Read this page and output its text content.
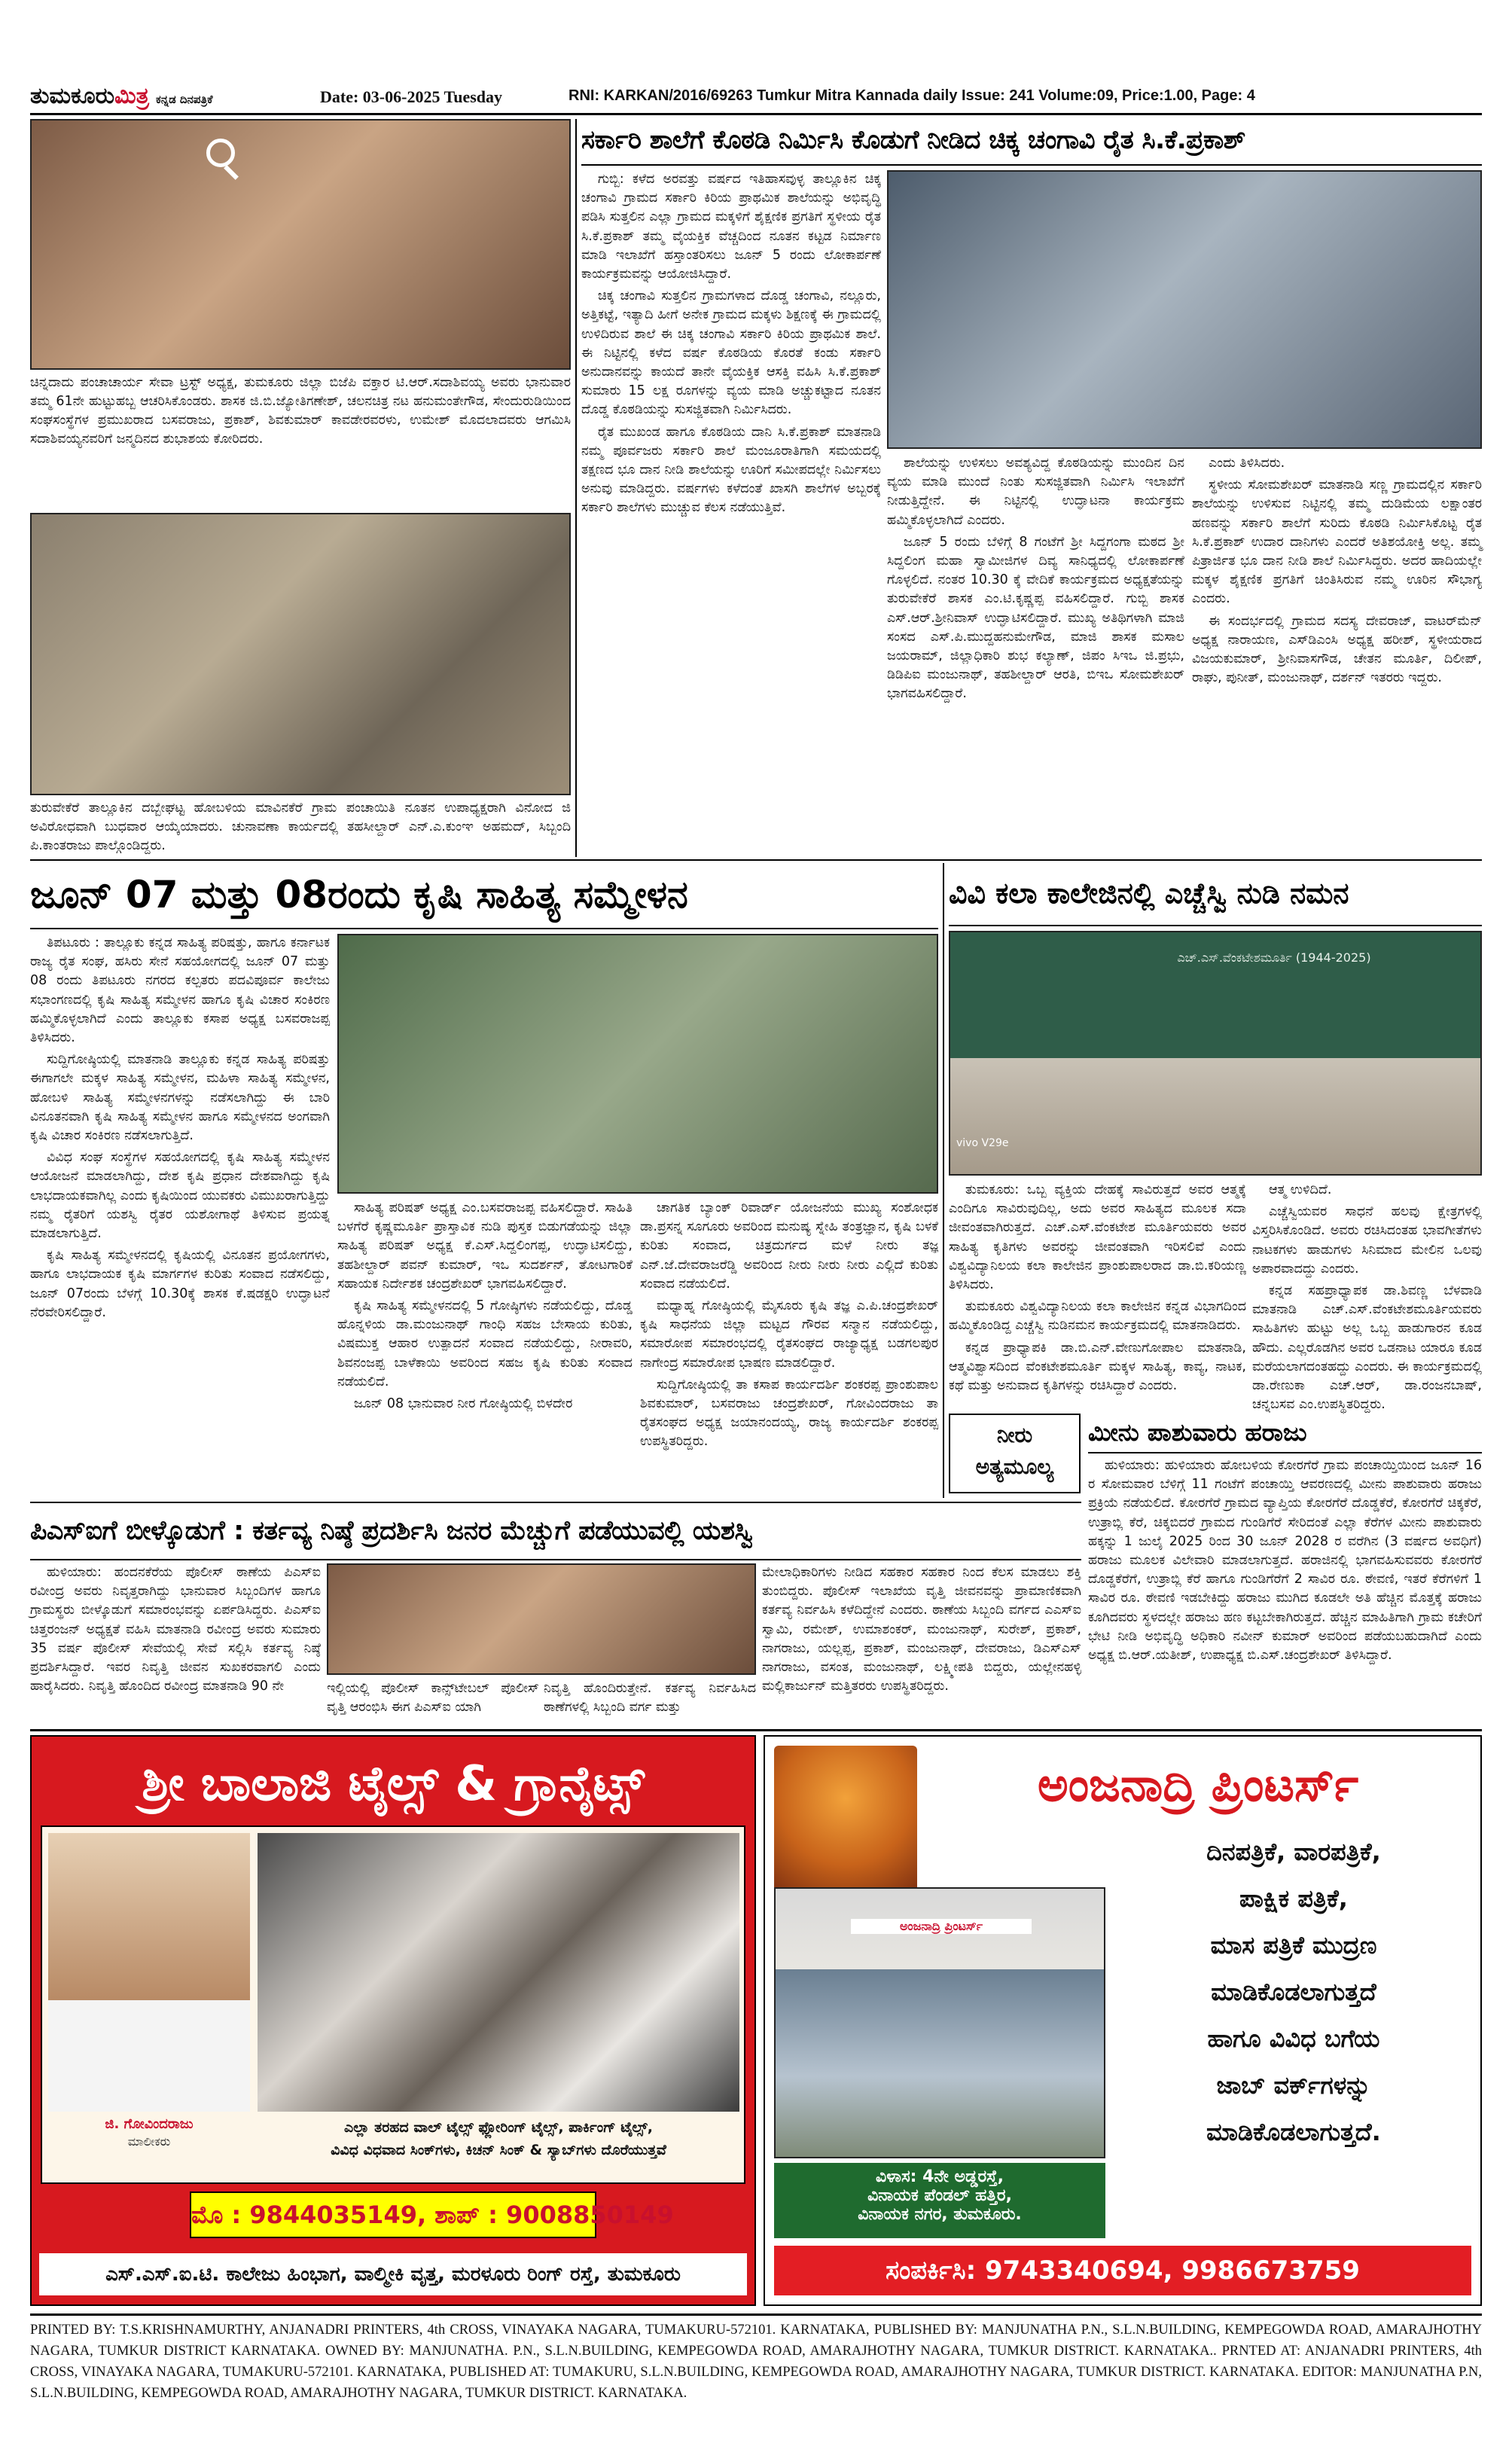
ತುಮಕೂರುಮಿತ್ರ ಕನ್ನಡ ದಿನಪತ್ರಿಕೆ	Date: 03-06-2025 Tuesday	RNI: KARKAN/2016/69263 Tumkur Mitra Kannada daily Issue: 241 Volume:09, Price:1.00, Page: 4
ಚಿನ್ನದಾದು ಪಂಚಾಚಾರ್ಯ ಸೇವಾ ಟ್ರಸ್ಟ್ ಅಧ್ಯಕ್ಷ, ತುಮಕೂರು ಜಿಲ್ಲಾ ಬಿಜೆಪಿ ವಕ್ತಾರ ಟಿ.ಆರ್.ಸದಾಶಿವಯ್ಯ ಅವರು ಭಾನುವಾರ ತಮ್ಮ 61ನೇ ಹುಟ್ಟುಹಬ್ಬ ಆಚರಿಸಿಕೊಂಡರು. ಶಾಸಕ ಜಿ.ಬಿ.ಜ್ಯೋತಿಗಣೇಶ್, ಚಲನಚಿತ್ರ ನಟ ಹನುಮಂತೇಗೌಡ, ಸೇಂದುರುಡಿಯಿಂದ ಸಂಘಸಂಸ್ಥೆಗಳ ಪ್ರಮುಖರಾದ ಬಸವರಾಜು, ಪ್ರಕಾಶ್, ಶಿವಕುಮಾರ್ ಕಾವಡೇರವರಳು, ಉಮೇಶ್ ಮೊದಲಾದವರು ಆಗಮಿಸಿ ಸದಾಶಿವಯ್ಯನವರಿಗೆ ಜನ್ಮದಿನದ ಶುಭಾಶಯ ಕೋರಿದರು.
ತುರುವೇಕೆರೆ ತಾಲ್ಲೂಕಿನ ದಬ್ಬೇಘಟ್ಟ ಹೋಬಳಿಯ ಮಾವಿನಕೆರೆ ಗ್ರಾಮ ಪಂಚಾಯಿತಿ ನೂತನ ಉಪಾಧ್ಯಕ್ಷರಾಗಿ ವಿನೋದ ಜಿ ಅವಿರೋಧವಾಗಿ ಬುಧವಾರ ಆಯ್ಕೆಯಾದರು. ಚುನಾವಣಾ ಕಾರ್ಯದಲ್ಲಿ ತಹಸೀಲ್ದಾರ್ ಎನ್.ಎ.ಕುಂಞ ಅಹಮದ್, ಸಿಬ್ಬಂದಿ ಪಿ.ಕಾಂತರಾಜು ಪಾಲ್ಗೊಂಡಿದ್ದರು.
ಸರ್ಕಾರಿ ಶಾಲೆಗೆ ಕೊಠಡಿ ನಿರ್ಮಿಸಿ ಕೊಡುಗೆ ನೀಡಿದ ಚಿಕ್ಕ ಚಂಗಾವಿ ರೈತ ಸಿ.ಕೆ.ಪ್ರಕಾಶ್

ಗುಬ್ಬಿ: ಕಳೆದ ಅರವತ್ತು ವರ್ಷದ ಇತಿಹಾಸವುಳ್ಳ ತಾಲ್ಲೂಕಿನ ಚಿಕ್ಕ ಚಂಗಾವಿ ಗ್ರಾಮದ ಸರ್ಕಾರಿ ಕಿರಿಯ ಪ್ರಾಥಮಿಕ ಶಾಲೆಯನ್ನು ಅಭಿವೃದ್ಧಿ ಪಡಿಸಿ ಸುತ್ತಲಿನ ಎಲ್ಲಾ ಗ್ರಾಮದ ಮಕ್ಕಳಿಗೆ ಶೈಕ್ಷಣಿಕ ಪ್ರಗತಿಗೆ ಸ್ಥಳೀಯ ರೈತ ಸಿ.ಕೆ.ಪ್ರಕಾಶ್ ತಮ್ಮ ವೈಯಕ್ತಿಕ ವೆಚ್ಚದಿಂದ ನೂತನ ಕಟ್ಟಡ ನಿರ್ಮಾಣ ಮಾಡಿ ಇಲಾಖೆಗೆ ಹಸ್ತಾಂತರಿಸಲು ಜೂನ್ 5 ರಂದು ಲೋಕಾರ್ಪಣೆ ಕಾರ್ಯಕ್ರಮವನ್ನು ಆಯೋಜಿಸಿದ್ದಾರೆ.

ಚಿಕ್ಕ ಚಂಗಾವಿ ಸುತ್ತಲಿನ ಗ್ರಾಮಗಳಾದ ದೊಡ್ಡ ಚಂಗಾವಿ, ನಲ್ಲೂರು, ಅತ್ತಿಕಟ್ಟೆ, ಇತ್ಯಾದಿ ಹೀಗೆ ಅನೇಕ ಗ್ರಾಮದ ಮಕ್ಕಳು ಶಿಕ್ಷಣಕ್ಕೆ ಈ ಗ್ರಾಮದಲ್ಲಿ ಉಳಿದಿರುವ ಶಾಲೆ ಈ ಚಿಕ್ಕ ಚಂಗಾವಿ ಸರ್ಕಾರಿ ಕಿರಿಯ ಪ್ರಾಥಮಿಕ ಶಾಲೆ. ಈ ನಿಟ್ಟಿನಲ್ಲಿ ಕಳೆದ ವರ್ಷ ಕೊಠಡಿಯ ಕೊರತೆ ಕಂಡು ಸರ್ಕಾರಿ ಅನುದಾನವನ್ನು ಕಾಯದೆ ತಾನೇ ವೈಯಕ್ತಿಕ ಆಸಕ್ತಿ ವಹಿಸಿ ಸಿ.ಕೆ.ಪ್ರಕಾಶ್ ಸುಮಾರು 15 ಲಕ್ಷ ರೂಗಳನ್ನು ವ್ಯಯ ಮಾಡಿ ಅಚ್ಚುಕಟ್ಟಾದ ನೂತನ ದೊಡ್ಡ ಕೊಠಡಿಯನ್ನು ಸುಸಜ್ಜಿತವಾಗಿ ನಿರ್ಮಿಸಿದರು.

ರೈತ ಮುಖಂಡ ಹಾಗೂ ಕೊಠಡಿಯ ದಾನಿ ಸಿ.ಕೆ.ಪ್ರಕಾಶ್ ಮಾತನಾಡಿ ನಮ್ಮ ಪೂರ್ವಜರು ಸರ್ಕಾರಿ ಶಾಲೆ ಮಂಜೂರಾತಿಗಾಗಿ ಸಮಯದಲ್ಲಿ ತಕ್ಷಣದ ಭೂ ದಾನ ನೀಡಿ ಶಾಲೆಯನ್ನು ಊರಿಗೆ ಸಮೀಪದಲ್ಲೇ ನಿರ್ಮಿಸಲು ಅನುವು ಮಾಡಿದ್ದರು. ವರ್ಷಗಳು ಕಳೆದಂತೆ ಖಾಸಗಿ ಶಾಲೆಗಳ ಅಬ್ಬರಕ್ಕೆ ಸರ್ಕಾರಿ ಶಾಲೆಗಳು ಮುಚ್ಚುವ ಕೆಲಸ ನಡೆಯುತ್ತಿವೆ.

ಶಾಲೆಯನ್ನು ಉಳಿಸಲು ಅವಶ್ಯವಿದ್ದ ಕೊಠಡಿಯನ್ನು ಮುಂದಿನ ದಿನ ವ್ಯಯ ಮಾಡಿ ಮುಂದೆ ನಿಂತು ಸುಸಜ್ಜಿತವಾಗಿ ನಿರ್ಮಿಸಿ ಇಲಾಖೆಗೆ ನೀಡುತ್ತಿದ್ದೇನೆ. ಈ ನಿಟ್ಟಿನಲ್ಲಿ ಉದ್ಘಾಟನಾ ಕಾರ್ಯಕ್ರಮ ಹಮ್ಮಿಕೊಳ್ಳಲಾಗಿದೆ ಎಂದರು.

ಜೂನ್ 5 ರಂದು ಬೆಳಿಗ್ಗೆ 8 ಗಂಟೆಗೆ ಶ್ರೀ ಸಿದ್ದಗಂಗಾ ಮಠದ ಶ್ರೀ ಸಿದ್ದಲಿಂಗ ಮಹಾ ಸ್ವಾಮೀಜಿಗಳ ದಿವ್ಯ ಸಾನಿಧ್ಯದಲ್ಲಿ ಲೋಕಾರ್ಪಣೆ ಗೊಳ್ಳಲಿದೆ. ನಂತರ 10.30 ಕ್ಕೆ ವೇದಿಕೆ ಕಾರ್ಯಕ್ರಮದ ಅಧ್ಯಕ್ಷತೆಯನ್ನು ತುರುವೇಕೆರೆ ಶಾಸಕ ಎಂ.ಟಿ.ಕೃಷ್ಣಪ್ಪ ವಹಿಸಲಿದ್ದಾರೆ. ಗುಬ್ಬಿ ಶಾಸಕ ಎಸ್.ಆರ್.ಶ್ರೀನಿವಾಸ್ ಉದ್ಘಾಟಿಸಲಿದ್ದಾರೆ. ಮುಖ್ಯ ಅತಿಥಿಗಳಾಗಿ ಮಾಜಿ ಸಂಸದ ಎಸ್.ಪಿ.ಮುದ್ದಹನುಮೇಗೌಡ, ಮಾಜಿ ಶಾಸಕ ಮಸಾಲ ಜಯರಾಮ್, ಜಿಲ್ಲಾಧಿಕಾರಿ ಶುಭ ಕಲ್ಯಾಣ್, ಜಿಪಂ ಸಿಇಒ ಜಿ.ಪ್ರಭು, ಡಿಡಿಪಿಐ ಮಂಜುನಾಥ್, ತಹಶೀಲ್ದಾರ್ ಆರತಿ, ಬಿಇಒ ಸೋಮಶೇಖರ್ ಭಾಗವಹಿಸಲಿದ್ದಾರೆ.

ಎಂದು ತಿಳಿಸಿದರು.

ಸ್ಥಳೀಯ ಸೋಮಶೇಖರ್ ಮಾತನಾಡಿ ಸಣ್ಣ ಗ್ರಾಮದಲ್ಲಿನ ಸರ್ಕಾರಿ ಶಾಲೆಯನ್ನು ಉಳಿಸುವ ನಿಟ್ಟಿನಲ್ಲಿ ತಮ್ಮ ದುಡಿಮೆಯ ಲಕ್ಷಾಂತರ ಹಣವನ್ನು ಸರ್ಕಾರಿ ಶಾಲೆಗೆ ಸುರಿದು ಕೊಠಡಿ ನಿರ್ಮಿಸಿಕೊಟ್ಟ ರೈತ ಸಿ.ಕೆ.ಪ್ರಕಾಶ್ ಉದಾರ ದಾನಿಗಳು ಎಂದರೆ ಅತಿಶಯೋಕ್ತಿ ಅಲ್ಲ. ತಮ್ಮ ಪಿತ್ರಾರ್ಜಿತ ಭೂ ದಾನ ನೀಡಿ ಶಾಲೆ ನಿರ್ಮಿಸಿದ್ದರು. ಅದರ ಹಾದಿಯಲ್ಲೇ ಮಕ್ಕಳ ಶೈಕ್ಷಣಿಕ ಪ್ರಗತಿಗೆ ಚಿಂತಿಸಿರುವ ನಮ್ಮ ಊರಿನ ಸೌಭಾಗ್ಯ ಎಂದರು.

ಈ ಸಂದರ್ಭದಲ್ಲಿ ಗ್ರಾಮದ ಸದಸ್ಯ ದೇವರಾಜ್, ವಾಟರ್‌ಮೆನ್ ಅಧ್ಯಕ್ಷ ನಾರಾಯಣ, ಎಸ್‌ಡಿಎಂಸಿ ಅಧ್ಯಕ್ಷ ಹರೀಶ್, ಸ್ಥಳೀಯರಾದ ವಿಜಯಕುಮಾರ್, ಶ್ರೀನಿವಾಸಗೌಡ, ಚೇತನ ಮೂರ್ತಿ, ದಿಲೀಪ್, ರಾಘು, ಪುನೀತ್, ಮಂಜುನಾಥ್, ದರ್ಶನ್ ಇತರರು ಇದ್ದರು.

ಜೂನ್ 07 ಮತ್ತು 08ರಂದು ಕೃಷಿ ಸಾಹಿತ್ಯ ಸಮ್ಮೇಳನ

ತಿಪಟೂರು : ತಾಲ್ಲೂಕು ಕನ್ನಡ ಸಾಹಿತ್ಯ ಪರಿಷತ್ತು, ಹಾಗೂ ಕರ್ನಾಟಕ ರಾಜ್ಯ ರೈತ ಸಂಘ, ಹಸಿರು ಸೇನೆ ಸಹಯೋಗದಲ್ಲಿ ಜೂನ್ 07 ಮತ್ತು 08 ರಂದು ತಿಪಟೂರು ನಗರದ ಕಲ್ಪತರು ಪದವಿಪೂರ್ವ ಕಾಲೇಜು ಸಭಾಂಗಣದಲ್ಲಿ ಕೃಷಿ ಸಾಹಿತ್ಯ ಸಮ್ಮೇಳನ ಹಾಗೂ ಕೃಷಿ ವಿಚಾರ ಸಂಕಿರಣ ಹಮ್ಮಿಕೊಳ್ಳಲಾಗಿದೆ ಎಂದು ತಾಲ್ಲೂಕು ಕಸಾಪ ಅಧ್ಯಕ್ಷ ಬಸವರಾಜಪ್ಪ ತಿಳಿಸಿದರು.

ಸುದ್ದಿಗೋಷ್ಠಿಯಲ್ಲಿ ಮಾತನಾಡಿ ತಾಲ್ಲೂಕು ಕನ್ನಡ ಸಾಹಿತ್ಯ ಪರಿಷತ್ತು ಈಗಾಗಲೇ ಮಕ್ಕಳ ಸಾಹಿತ್ಯ ಸಮ್ಮೇಳನ, ಮಹಿಳಾ ಸಾಹಿತ್ಯ ಸಮ್ಮೇಳನ, ಹೋಬಳಿ ಸಾಹಿತ್ಯ ಸಮ್ಮೇಳನಗಳನ್ನು ನಡೆಸಲಾಗಿದ್ದು ಈ ಬಾರಿ ವಿನೂತನವಾಗಿ ಕೃಷಿ ಸಾಹಿತ್ಯ ಸಮ್ಮೇಳನ ಹಾಗೂ ಸಮ್ಮೇಳನದ ಅಂಗವಾಗಿ ಕೃಷಿ ವಿಚಾರ ಸಂಕಿರಣ ನಡೆಸಲಾಗುತ್ತಿದೆ.

ವಿವಿಧ ಸಂಘ ಸಂಸ್ಥೆಗಳ ಸಹಯೋಗದಲ್ಲಿ ಕೃಷಿ ಸಾಹಿತ್ಯ ಸಮ್ಮೇಳನ ಆಯೋಜನೆ ಮಾಡಲಾಗಿದ್ದು, ದೇಶ ಕೃಷಿ ಪ್ರಧಾನ ದೇಶವಾಗಿದ್ದು ಕೃಷಿ ಲಾಭದಾಯಕವಾಗಿಲ್ಲ ಎಂದು ಕೃಷಿಯಿಂದ ಯುವಕರು ವಿಮುಖರಾಗುತ್ತಿದ್ದು ನಮ್ಮ ರೈತರಿಗೆ ಯಶಸ್ವಿ ರೈತರ ಯಶೋಗಾಥೆ ತಿಳಿಸುವ ಪ್ರಯತ್ನ ಮಾಡಲಾಗುತ್ತಿದೆ.

ಕೃಷಿ ಸಾಹಿತ್ಯ ಸಮ್ಮೇಳನದಲ್ಲಿ ಕೃಷಿಯಲ್ಲಿ ವಿನೂತನ ಪ್ರಯೋಗಗಳು, ಹಾಗೂ ಲಾಭದಾಯಕ ಕೃಷಿ ಮಾರ್ಗಗಳ ಕುರಿತು ಸಂವಾದ ನಡೆಸಲಿದ್ದು, ಜೂನ್ 07ರಂದು ಬೆಳಗ್ಗೆ 10.30ಕ್ಕೆ ಶಾಸಕ ಕೆ.ಷಡಕ್ಷರಿ ಉದ್ಘಾಟನೆ ನೆರವೇರಿಸಲಿದ್ದಾರೆ.

ಸಾಹಿತ್ಯ ಪರಿಷತ್ ಅಧ್ಯಕ್ಷ ಎಂ.ಬಸವರಾಜಪ್ಪ ವಹಿಸಲಿದ್ದಾರೆ. ಸಾಹಿತಿ ಬಳಗೆರೆ ಕೃಷ್ಣಮೂರ್ತಿ ಪ್ರಾಸ್ತಾವಿಕ ನುಡಿ ಪುಸ್ತಕ ಬಿಡುಗಡೆಯನ್ನು ಜಿಲ್ಲಾ ಸಾಹಿತ್ಯ ಪರಿಷತ್ ಅಧ್ಯಕ್ಷ ಕೆ.ಎಸ್.ಸಿದ್ದಲಿಂಗಪ್ಪ, ಉದ್ಘಾಟಿಸಲಿದ್ದು, ತಹಶೀಲ್ದಾರ್ ಪವನ್ ಕುಮಾರ್, ಇಒ ಸುದರ್ಶನ್, ತೋಟಗಾರಿಕೆ ಸಹಾಯಕ ನಿರ್ದೇಶಕ ಚಂದ್ರಶೇಖರ್ ಭಾಗವಹಿಸಲಿದ್ದಾರೆ.

ಕೃಷಿ ಸಾಹಿತ್ಯ ಸಮ್ಮೇಳನದಲ್ಲಿ 5 ಗೋಷ್ಠಿಗಳು ನಡೆಯಲಿದ್ದು, ದೊಡ್ಡ ಹೊನ್ನಳಿಯ ಡಾ.ಮಂಜುನಾಥ್ ಗಾಂಧಿ ಸಹಜ ಬೇಸಾಯ ಕುರಿತು, ವಿಷಮುಕ್ತ ಆಹಾರ ಉತ್ಪಾದನೆ ಸಂವಾದ ನಡೆಯಲಿದ್ದು, ನೀರಾವರಿ, ಶಿವನಂಜಪ್ಪ ಬಾಳೆಕಾಯಿ ಅವರಿಂದ ಸಹಜ ಕೃಷಿ ಕುರಿತು ಸಂವಾದ ನಡೆಯಲಿದೆ.

ಜೂನ್ 08 ಭಾನುವಾರ ನೀರ ಗೋಷ್ಠಿಯಲ್ಲಿ ಬಿಳದೇರ

ಚಾಗತಿಕ ಬ್ಯಾಂಕ್ ರಿವಾರ್ಡ್ ಯೋಜನೆಯ ಮುಖ್ಯ ಸಂಶೋಧಕ ಡಾ.ಪ್ರಸನ್ನ ಸೂಗೂರು ಅವರಿಂದ ಮನುಷ್ಯ ಸ್ನೇಹಿ ತಂತ್ರಜ್ಞಾನ, ಕೃಷಿ ಬಳಕೆ ಕುರಿತು ಸಂವಾದ, ಚಿತ್ರದುರ್ಗದ ಮಳೆ ನೀರು ತಜ್ಞ ಎನ್.ಜೆ.ದೇವರಾಜರೆಡ್ಡಿ ಅವರಿಂದ ನೀರು ನೀರು ನೀರು ಎಲ್ಲಿದೆ ಕುರಿತು ಸಂವಾದ ನಡೆಯಲಿದೆ.

ಮಧ್ಯಾಹ್ನ ಗೋಷ್ಠಿಯಲ್ಲಿ ಮೈಸೂರು ಕೃಷಿ ತಜ್ಞ ಎ.ಪಿ.ಚಂದ್ರಶೇಖರ್ ಕೃಷಿ ಸಾಧನೆಯ ಜಿಲ್ಲಾ ಮಟ್ಟದ ಗೌರವ ಸನ್ಮಾನ ನಡೆಯಲಿದ್ದು, ಸಮಾರೋಪ ಸಮಾರಂಭದಲ್ಲಿ ರೈತಸಂಘದ ರಾಜ್ಯಾಧ್ಯಕ್ಷ ಬಡಗಲಪುರ ನಾಗೇಂದ್ರ ಸಮಾರೋಪ ಭಾಷಣ ಮಾಡಲಿದ್ದಾರೆ.

ಸುದ್ದಿಗೋಷ್ಠಿಯಲ್ಲಿ ತಾ ಕಸಾಪ ಕಾರ್ಯದರ್ಶಿ ಶಂಕರಪ್ಪ ಪ್ರಾಂಶುಪಾಲ ಶಿವಕುಮಾರ್, ಬಸವರಾಜು ಚಂದ್ರಶೇಖರ್, ಗೋವಿಂದರಾಜು ತಾ ರೈತಸಂಘದ ಅಧ್ಯಕ್ಷ ಜಯಾನಂದಯ್ಯ, ರಾಜ್ಯ ಕಾರ್ಯದರ್ಶಿ ಶಂಕರಪ್ಪ ಉಪಸ್ಥಿತರಿದ್ದರು.

ವಿವಿ ಕಲಾ ಕಾಲೇಜಿನಲ್ಲಿ ಎಚ್ಚೆಸ್ವಿ ನುಡಿ ನಮನ
ಎಚ್.ಎಸ್.ವೆಂಕಟೇಶಮೂರ್ತಿ (1944-2025)
vivo V29e

ತುಮಕೂರು: ಒಬ್ಬ ವ್ಯಕ್ತಿಯ ದೇಹಕ್ಕೆ ಸಾವಿರುತ್ತದೆ ಅವರ ಆತ್ಮಕ್ಕೆ ಎಂದಿಗೂ ಸಾವಿರುವುದಿಲ್ಲ, ಅದು ಅವರ ಸಾಹಿತ್ಯದ ಮೂಲಕ ಸದಾ ಜೀವಂತವಾಗಿರುತ್ತದೆ. ಎಚ್.ಎಸ್.ವೆಂಕಟೇಶ ಮೂರ್ತಿಯವರು ಅವರ ಸಾಹಿತ್ಯ ಕೃತಿಗಳು ಅವರನ್ನು ಜೀವಂತವಾಗಿ ಇರಿಸಲಿವೆ ಎಂದು ವಿಶ್ವವಿದ್ಯಾನಿಲಯ ಕಲಾ ಕಾಲೇಜಿನ ಪ್ರಾಂಶುಪಾಲರಾದ ಡಾ.ಬಿ.ಕರಿಯಣ್ಣ ತಿಳಿಸಿದರು.

ತುಮಕೂರು ವಿಶ್ವವಿದ್ಯಾನಿಲಯ ಕಲಾ ಕಾಲೇಜಿನ ಕನ್ನಡ ವಿಭಾಗದಿಂದ ಹಮ್ಮಿಕೊಂಡಿದ್ದ ಎಚ್ಚೆಸ್ವಿ ನುಡಿನಮನ ಕಾರ್ಯಕ್ರಮದಲ್ಲಿ ಮಾತನಾಡಿದರು.

ಕನ್ನಡ ಪ್ರಾಧ್ಯಾಪಕಿ ಡಾ.ಬಿ.ಎನ್.ವೇಣುಗೋಪಾಲ ಮಾತನಾಡಿ, ಆತ್ಮವಿಶ್ವಾಸದಿಂದ ವೆಂಕಟೇಶಮೂರ್ತಿ ಮಕ್ಕಳ ಸಾಹಿತ್ಯ, ಕಾವ್ಯ, ನಾಟಕ, ಕಥೆ ಮತ್ತು ಅನುವಾದ ಕೃತಿಗಳನ್ನು ರಚಿಸಿದ್ದಾರೆ ಎಂದರು.

ಆತ್ಮ ಉಳಿದಿದೆ.

ಎಚ್ಚೆಸ್ವಿಯವರ ಸಾಧನೆ ಹಲವು ಕ್ಷೇತ್ರಗಳಲ್ಲಿ ವಿಸ್ತರಿಸಿಕೊಂಡಿದೆ. ಅವರು ರಚಿಸಿದಂತಹ ಭಾವಗೀತೆಗಳು ನಾಟಕಗಳು ಹಾಡುಗಳು ಸಿನಿಮಾದ ಮೇಲಿನ ಒಲವು ಅಪಾರವಾದದ್ದು ಎಂದರು.

ಕನ್ನಡ ಸಹಪ್ರಾಧ್ಯಾಪಕ ಡಾ.ಶಿವಣ್ಣ ಬೆಳವಾಡಿ ಮಾತನಾಡಿ ಎಚ್.ಎಸ್.ವೆಂಕಟೇಶಮೂರ್ತಿಯವರು ಸಾಹಿತಿಗಳು ಹುಟ್ಟು ಅಲ್ಲ ಒಬ್ಬ ಹಾಡುಗಾರನ ಕೂಡ ಹೌದು. ಎಲ್ಲರೊಡಗಿನ ಅವರ ಒಡನಾಟ ಯಾರೂ ಕೂಡ ಮರೆಯಲಾಗದಂತಹದ್ದು ಎಂದರು. ಈ ಕಾರ್ಯಕ್ರಮದಲ್ಲಿ ಡಾ.ರೇಣುಕಾ ಎಚ್.ಆರ್, ಡಾ.ರಂಜನಬಾಷ್, ಚನ್ನಬಸವ ಎಂ.ಉಪಸ್ಥಿತರಿದ್ದರು.

ನೀರು
ಅತ್ಯಮೂಲ್ಯ
ಮೀನು ಪಾಶುವಾರು ಹರಾಜು
ಹುಳಿಯಾರು: ಹುಳಿಯಾರು ಹೋಬಳಿಯ ಕೋರಗೆರೆ ಗ್ರಾಮ ಪಂಚಾಯ್ತಿಯಿಂದ ಜೂನ್ 16 ರ ಸೋಮವಾರ ಬೆಳಿಗ್ಗೆ 11 ಗಂಟೆಗೆ ಪಂಚಾಯ್ತಿ ಆವರಣದಲ್ಲಿ ಮೀನು ಪಾಶುವಾರು ಹರಾಜು ಪ್ರಕ್ರಿಯೆ ನಡೆಯಲಿದೆ. ಕೋರಗೆರೆ ಗ್ರಾಮದ ವ್ಯಾಪ್ತಿಯ ಕೋರಗೆರೆ ದೊಡ್ಡಕೆರೆ, ಕೋರಗೆರೆ ಚಿಕ್ಕಕೆರೆ, ಉತ್ರಾಬ್ಲಿ ಕೆರೆ, ಚಿಕ್ಕಬಿದರೆ ಗ್ರಾಮದ ಗುಂಡಿಗೆರೆ ಸೇರಿದಂತೆ ಎಲ್ಲಾ ಕೆರೆಗಳ ಮೀನು ಪಾಶುವಾರು ಹಕ್ಕನ್ನು 1 ಜುಲೈ 2025 ರಿಂದ 30 ಜೂನ್ 2028 ರ ವರೆಗಿನ (3 ವರ್ಷದ ಅವಧಿಗೆ) ಹರಾಜು ಮೂಲಕ ವಿಲೇವಾರಿ ಮಾಡಲಾಗುತ್ತದೆ. ಹರಾಜಿನಲ್ಲಿ ಭಾಗವಹಿಸುವವರು ಕೋರಗೆರೆ ದೊಡ್ಡಕೆರೆಗೆ, ಉತ್ರಾಬ್ಲಿ ಕೆರೆ ಹಾಗೂ ಗುಂಡಿಗೆರೆಗೆ 2 ಸಾವಿರ ರೂ. ಠೇವಣಿ, ಇತರೆ ಕೆರೆಗಳಿಗೆ 1 ಸಾವಿರ ರೂ. ಠೇವಣಿ ಇಡಬೇಕಿದ್ದು ಹರಾಜು ಮುಗಿದ ಕೂಡಲೇ ಅತಿ ಹೆಚ್ಚಿನ ಮೊತ್ತಕ್ಕೆ ಹರಾಜು ಕೂಗಿದವರು ಸ್ಥಳದಲ್ಲೇ ಹರಾಜು ಹಣ ಕಟ್ಟಬೇಕಾಗಿರುತ್ತದೆ. ಹೆಚ್ಚಿನ ಮಾಹಿತಿಗಾಗಿ ಗ್ರಾಮ ಕಚೇರಿಗೆ ಭೇಟಿ ನೀಡಿ ಅಭಿವೃದ್ಧಿ ಅಧಿಕಾರಿ ನವೀನ್ ಕುಮಾರ್ ಅವರಿಂದ ಪಡೆಯಬಹುದಾಗಿದೆ ಎಂದು ಅಧ್ಯಕ್ಷ ಬಿ.ಆರ್.ಯತೀಶ್, ಉಪಾಧ್ಯಕ್ಷ ಬಿ.ಎಸ್.ಚಂದ್ರಶೇಖರ್ ತಿಳಿಸಿದ್ದಾರೆ.
ಪಿಎಸ್‌ಐಗೆ ಬೀಳ್ಕೊಡುಗೆ : ಕರ್ತವ್ಯ ನಿಷ್ಠೆ ಪ್ರದರ್ಶಿಸಿ ಜನರ ಮೆಚ್ಚುಗೆ ಪಡೆಯುವಲ್ಲಿ ಯಶಸ್ವಿ
ಹುಳಿಯಾರು: ಹಂದನಕೆರೆಯ ಪೊಲೀಸ್ ಠಾಣೆಯ ಪಿಎಸ್‌ಐ ರವೀಂದ್ರ ಅವರು ನಿವೃತ್ತರಾಗಿದ್ದು ಭಾನುವಾರ ಸಿಬ್ಬಂದಿಗಳ ಹಾಗೂ ಗ್ರಾಮಸ್ಥರು ಬೀಳ್ಕೊಡುಗೆ ಸಮಾರಂಭವನ್ನು ಏರ್ಪಡಿಸಿದ್ದರು. ಪಿಎಸ್‌ಐ ಚಿತ್ತರಂಜನ್ ಅಧ್ಯಕ್ಷತೆ ವಹಿಸಿ ಮಾತನಾಡಿ ರವೀಂದ್ರ ಅವರು ಸುಮಾರು 35 ವರ್ಷ ಪೊಲೀಸ್ ಸೇವೆಯಲ್ಲಿ ಸೇವೆ ಸಲ್ಲಿಸಿ ಕರ್ತವ್ಯ ನಿಷ್ಠೆ ಪ್ರದರ್ಶಿಸಿದ್ದಾರೆ. ಇವರ ನಿವೃತ್ತಿ ಜೀವನ ಸುಖಕರವಾಗಲಿ ಎಂದು ಹಾರೈಸಿದರು. ನಿವೃತ್ತಿ ಹೊಂದಿದ ರವೀಂದ್ರ ಮಾತನಾಡಿ 90 ನೇ	ಇಲ್ಲಿಯಲ್ಲಿ ಪೊಲೀಸ್ ಕಾನ್ಸ್‌ಟೇಬಲ್ ಪೊಲೀಸ್ ವೃತ್ತಿ ಆರಂಭಿಸಿ ಈಗ ಪಿಎಸ್‌ಐ ಯಾಗಿ
ನಿವೃತ್ತಿ ಹೊಂದಿರುತ್ತೇನೆ. ಕರ್ತವ್ಯ ನಿರ್ವಹಿಸಿದ ಠಾಣೆಗಳಲ್ಲಿ ಸಿಬ್ಬಂದಿ ವರ್ಗ ಮತ್ತು
ಮೇಲಾಧಿಕಾರಿಗಳು ನೀಡಿದ ಸಹಕಾರ ಸಹಕಾರ ನಿಂದ ಕೆಲಸ ಮಾಡಲು ಶಕ್ತಿ ತುಂಬಿದ್ದರು. ಪೊಲೀಸ್ ಇಲಾಖೆಯ ವೃತ್ತಿ ಜೀವನವನ್ನು ಪ್ರಾಮಾಣಿಕವಾಗಿ ಕರ್ತವ್ಯ ನಿರ್ವಹಿಸಿ ಕಳೆದಿದ್ದೇನೆ ಎಂದರು. ಠಾಣೆಯ ಸಿಬ್ಬಂದಿ ವರ್ಗದ ಎಎಸ್‌ಐ ಸ್ವಾಮಿ, ರಮೇಶ್, ಉಮಾಶಂಕರ್, ಮಂಜುನಾಥ್, ಸುರೇಶ್, ಪ್ರಕಾಶ್, ನಾಗರಾಜು, ಯಲ್ಲಪ್ಪ, ಪ್ರಕಾಶ್, ಮಂಜುನಾಥ್, ದೇವರಾಜು, ಡಿಎಸ್‌ಎಸ್ ನಾಗರಾಜು, ವಸಂತ, ಮಂಜುನಾಥ್, ಲಕ್ಷ್ಮೀಪತಿ ಬಿದ್ದರು, ಯಲ್ಲೇನಹಳ್ಳಿ ಮಲ್ಲಿಕಾರ್ಜುನ್ ಮತ್ತಿತರರು ಉಪಸ್ಥಿತರಿದ್ದರು.
ಶ್ರೀ ಬಾಲಾಜಿ ಟೈಲ್ಸ್ & ಗ್ರಾನೈಟ್ಸ್
ಜಿ. ಗೋವಿಂದರಾಜು
ಮಾಲೀಕರು
ಎಲ್ಲಾ ತರಹದ ವಾಲ್ ಟೈಲ್ಸ್ ಫ್ಲೋರಿಂಗ್ ಟೈಲ್ಸ್, ಪಾರ್ಕಿಂಗ್ ಟೈಲ್ಸ್,
ವಿವಿಧ ವಿಧವಾದ ಸಿಂಕ್‌ಗಳು, ಕಿಚನ್ ಸಿಂಕ್ & ಸ್ಯಾಬ್‌ಗಳು ದೊರೆಯುತ್ತವೆ
ಮೊ : 9844035149, ಶಾಪ್ : 9008850149
ಎಸ್.ಎಸ್.ಐ.ಟಿ. ಕಾಲೇಜು ಹಿಂಭಾಗ, ವಾಲ್ಮೀಕಿ ವೃತ್ತ, ಮರಳೂರು ರಿಂಗ್ ರಸ್ತೆ, ತುಮಕೂರು
ಅಂಜನಾದ್ರಿ ಪ್ರಿಂಟರ್ಸ್
ಅಂಜನಾದ್ರಿ ಪ್ರಿಂಟರ್ಸ್
ವಿಳಾಸ: 4ನೇ ಅಡ್ಡರಸ್ತೆ,
ವಿನಾಯಕ ಪೆಂಡಲ್ ಹತ್ತಿರ,
ವಿನಾಯಕ ನಗರ, ತುಮಕೂರು.
ದಿನಪತ್ರಿಕೆ, ವಾರಪತ್ರಿಕೆ,
ಪಾಕ್ಷಿಕ ಪತ್ರಿಕೆ,
ಮಾಸ ಪತ್ರಿಕೆ ಮುದ್ರಣ
ಮಾಡಿಕೊಡಲಾಗುತ್ತದೆ
ಹಾಗೂ ವಿವಿಧ ಬಗೆಯ
ಜಾಬ್ ವರ್ಕ್‌ಗಳನ್ನು
ಮಾಡಿಕೊಡಲಾಗುತ್ತದೆ.
ಸಂಪರ್ಕಿಸಿ: 9743340694, 9986673759
PRINTED BY: T.S.KRISHNAMURTHY, ANJANADRI PRINTERS, 4th CROSS, VINAYAKA NAGARA, TUMAKURU-572101. KARNATAKA, PUBLISHED BY: MANJUNATHA P.N., S.L.N.BUILDING, KEMPEGOWDA ROAD, AMARAJHOTHY NAGARA, TUMKUR DISTRICT KARNATAKA. OWNED BY: MANJUNATHA. P.N., S.L.N.BUILDING, KEMPEGOWDA ROAD, AMARAJHOTHY NAGARA, TUMKUR DISTRICT. KARNATAKA.. PRNTED AT: ANJANADRI PRINTERS, 4th CROSS, VINAYAKA NAGARA, TUMAKURU-572101. KARNATAKA, PUBLISHED AT: TUMAKURU, S.L.N.BUILDING, KEMPEGOWDA ROAD, AMARAJHOTHY NAGARA, TUMKUR DISTRICT. KARNATAKA. EDITOR: MANJUNATHA P.N, S.L.N.BUILDING, KEMPEGOWDA ROAD, AMARAJHOTHY NAGARA, TUMKUR DISTRICT. KARNATAKA.
